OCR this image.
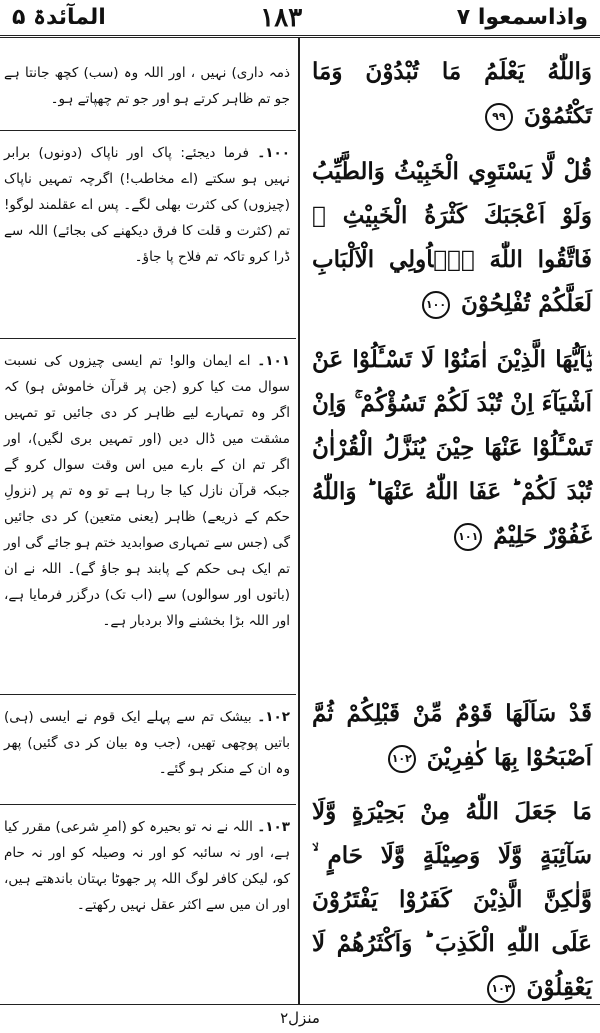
واذاسمعوا ۷
۱۸۳
المآئدۃ ۵
وَاللّٰهُ يَعْلَمُ مَا تُبْدُوْنَ وَمَا تَكْتُمُوْنَ ۹۹
قُلْ لَّا يَسْتَوِي الْخَبِيْثُ وَالطَّيِّبُ وَلَوْ اَعْجَبَكَ كَثْرَةُ الْخَبِيْثِ ۚ فَاتَّقُوا اللّٰهَ يٰۤاُولِي الْاَلْبَابِ لَعَلَّكُمْ تُفْلِحُوْنَ ۱۰۰
يٰۤاَيُّهَا الَّذِيْنَ اٰمَنُوْا لَا تَسْـَٔلُوْا عَنْ اَشْيَآءَ اِنْ تُبْدَ لَكُمْ تَسُؤْكُمْ ۚ وَاِنْ تَسْـَٔلُوْا عَنْهَا حِيْنَ يُنَزَّلُ الْقُرْاٰنُ تُبْدَ لَكُمْ ؕ عَفَا اللّٰهُ عَنْهَا ؕ وَاللّٰهُ غَفُوْرٌ حَلِيْمٌ ۱۰۱
قَدْ سَاَلَهَا قَوْمٌ مِّنْ قَبْلِكُمْ ثُمَّ اَصْبَحُوْا بِهَا كٰفِرِيْنَ ۱۰۲
مَا جَعَلَ اللّٰهُ مِنْ بَحِيْرَةٍ وَّلَا سَآئِبَةٍ وَّلَا وَصِيْلَةٍ وَّلَا حَامٍ ۙ وَّلٰكِنَّ الَّذِيْنَ كَفَرُوْا يَفْتَرُوْنَ عَلَى اللّٰهِ الْكَذِبَ ؕ وَاَكْثَرُهُمْ لَا يَعْقِلُوْنَ ۱۰۳
ذمہ داری) نہیں ، اور اللہ وہ (سب) کچھ جانتا ہے جو تم ظاہر کرتے ہو اور جو تم چھپاتے ہو۔
۱۰۰۔ فرما دیجئے: پاک اور ناپاک (دونوں) برابر نہیں ہو سکتے (اے مخاطب!) اگرچہ تمہیں ناپاک (چیزوں) کی کثرت بھلی لگے۔ پس اے عقلمند لوگو! تم (کثرت و قلت کا فرق دیکھنے کی بجائے) اللہ سے ڈرا کرو تاکہ تم فلاح پا جاؤ۔
۱۰۱۔ اے ایمان والو! تم ایسی چیزوں کی نسبت سوال مت کیا کرو (جن پر قرآن خاموش ہو) کہ اگر وہ تمہارے لیے ظاہر کر دی جائیں تو تمہیں مشقت میں ڈال دیں (اور تمہیں بری لگیں)، اور اگر تم ان کے بارے میں اس وقت سوال کرو گے جبکہ قرآن نازل کیا جا رہا ہے تو وہ تم پر (نزولِ حکم کے ذریعے) ظاہر (یعنی متعین) کر دی جائیں گی (جس سے تمہاری صوابدید ختم ہو جائے گی اور تم ایک ہی حکم کے پابند ہو جاؤ گے)۔ اللہ نے ان (باتوں اور سوالوں) سے (اب تک) درگزر فرمایا ہے، اور اللہ بڑا بخشنے والا بردبار ہے۔
۱۰۲۔ بیشک تم سے پہلے ایک قوم نے ایسی (ہی) باتیں پوچھی تھیں، (جب وہ بیان کر دی گئیں) پھر وہ ان کے منکر ہو گئے۔
۱۰۳۔ اللہ نے نہ تو بحیرہ کو (امرِ شرعی) مقرر کیا ہے، اور نہ سائبہ کو اور نہ وصیلہ کو اور نہ حام کو، لیکن کافر لوگ اللہ پر جھوٹا بہتان باندھتے ہیں، اور ان میں سے اکثر عقل نہیں رکھتے۔
منزل۲
